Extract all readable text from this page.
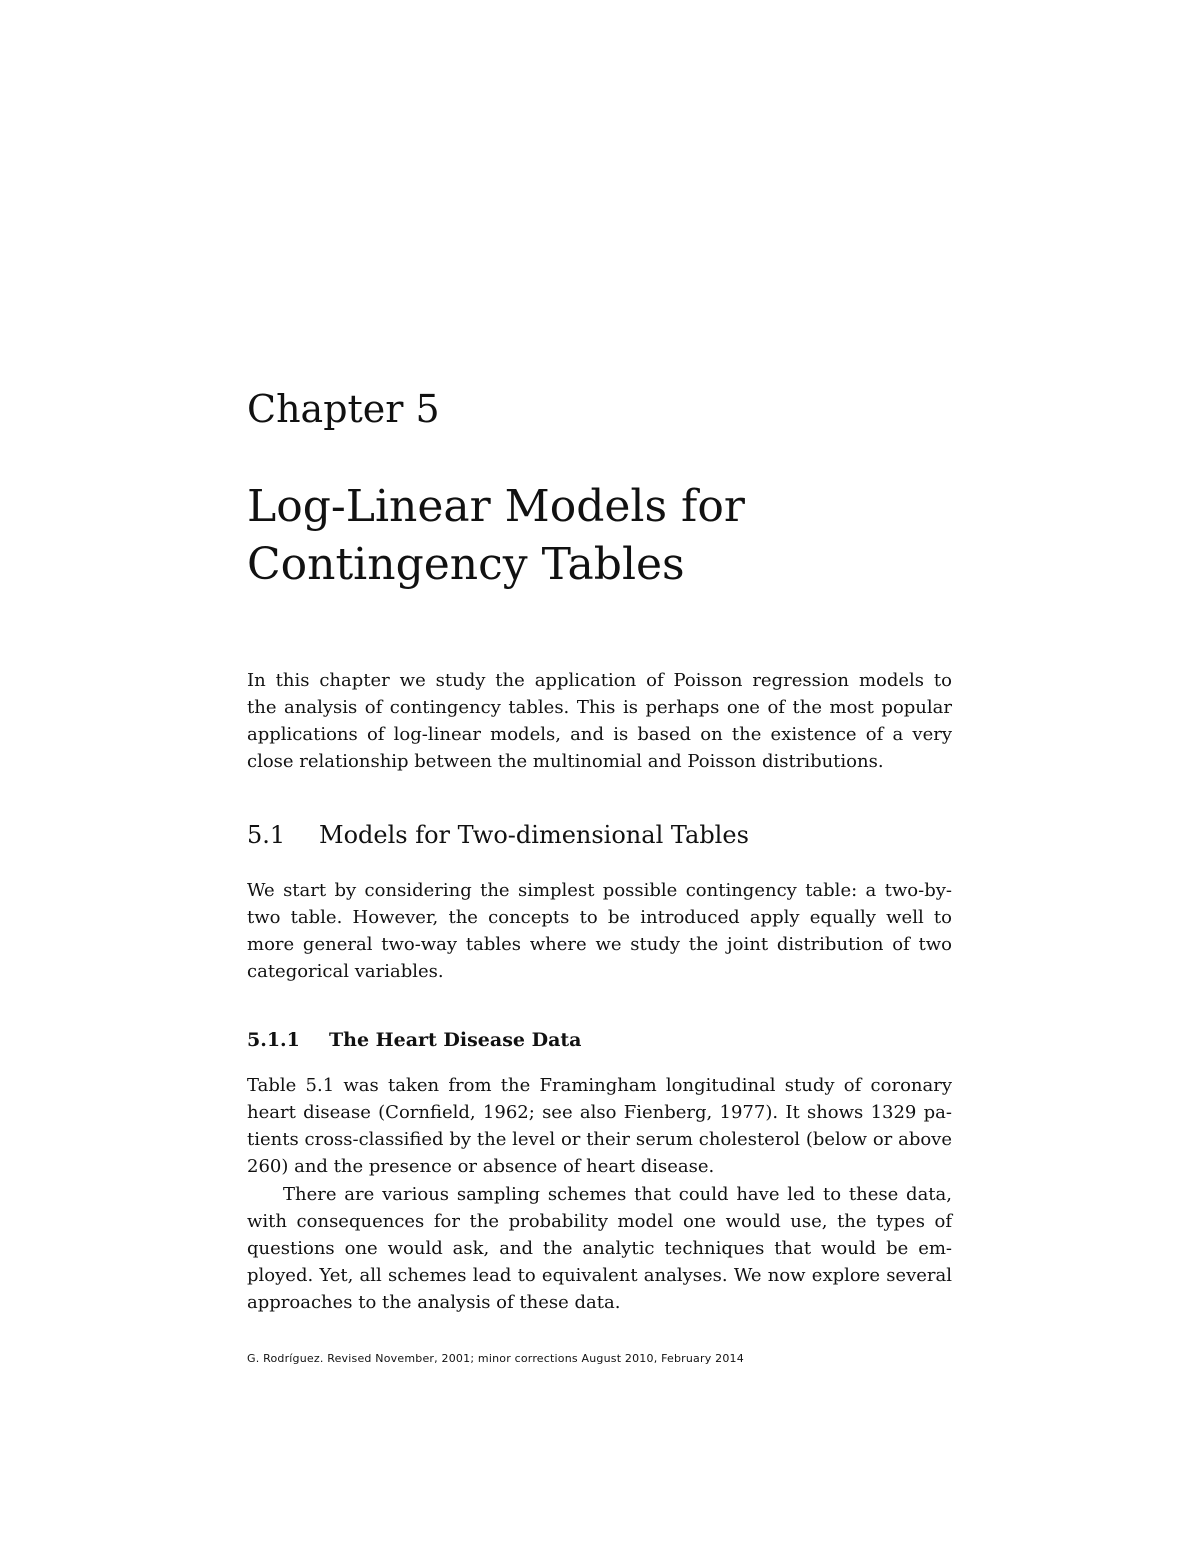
Chapter 5
Log-Linear Models for
Contingency Tables

In this chapter we study the application of Poisson regression models to
the analysis of contingency tables. This is perhaps one of the most popular
applications of log-linear models, and is based on the existence of a very
close relationship between the multinomial and Poisson distributions.

5.1 Models for Two-dimensional Tables

We start by considering the simplest possible contingency table: a two-by-
two table. However, the concepts to be introduced apply equally well to
more general two-way tables where we study the joint distribution of two
categorical variables.

5.1.1 The Heart Disease Data

Table 5.1 was taken from the Framingham longitudinal study of coronary
heart disease (Cornfield, 1962; see also Fienberg, 1977). It shows 1329 pa-
tients cross-classified by the level or their serum cholesterol (below or above
260) and the presence or absence of heart disease.

There are various sampling schemes that could have led to these data,
with consequences for the probability model one would use, the types of
questions one would ask, and the analytic techniques that would be em-
ployed. Yet, all schemes lead to equivalent analyses. We now explore several
approaches to the analysis of these data.

G. Rodríguez. Revised November, 2001; minor corrections August 2010, February 2014
